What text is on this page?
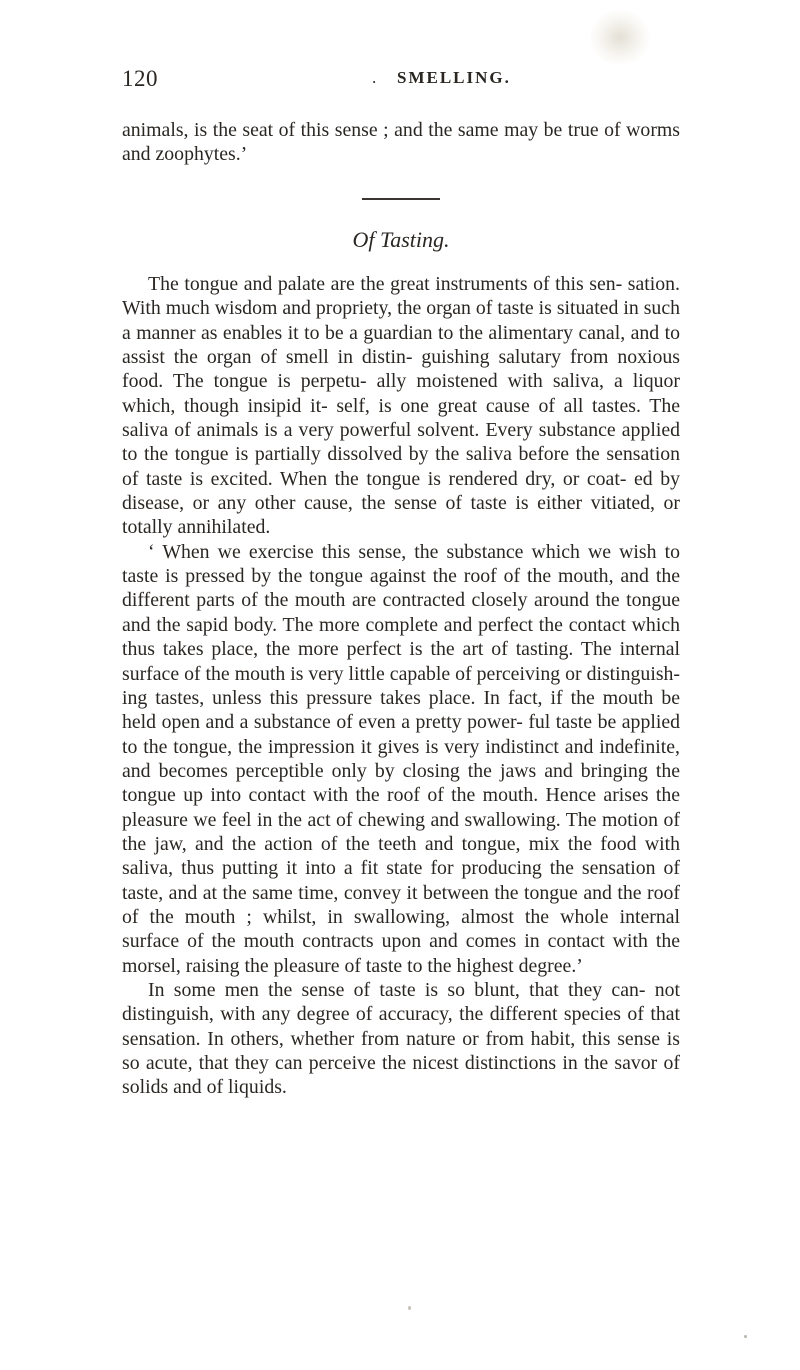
120	. SMELLING.

animals, is the seat of this sense ; and the same may be true of worms and zoophytes.’

Of Tasting.

The tongue and palate are the great instruments of this sen- sation. With much wisdom and propriety, the organ of taste is situated in such a manner as enables it to be a guardian to the alimentary canal, and to assist the organ of smell in distin- guishing salutary from noxious food. The tongue is perpetu- ally moistened with saliva, a liquor which, though insipid it- self, is one great cause of all tastes. The saliva of animals is a very powerful solvent. Every substance applied to the tongue is partially dissolved by the saliva before the sensation of taste is excited. When the tongue is rendered dry, or coat- ed by disease, or any other cause, the sense of taste is either vitiated, or totally annihilated.

‘ When we exercise this sense, the substance which we wish to taste is pressed by the tongue against the roof of the mouth, and the different parts of the mouth are contracted closely around the tongue and the sapid body. The more complete and perfect the contact which thus takes place, the more perfect is the art of tasting. The internal surface of the mouth is very little capable of perceiving or distinguish- ing tastes, unless this pressure takes place. In fact, if the mouth be held open and a substance of even a pretty power- ful taste be applied to the tongue, the impression it gives is very indistinct and indefinite, and becomes perceptible only by closing the jaws and bringing the tongue up into contact with the roof of the mouth. Hence arises the pleasure we feel in the act of chewing and swallowing. The motion of the jaw, and the action of the teeth and tongue, mix the food with saliva, thus putting it into a fit state for producing the sensation of taste, and at the same time, convey it between the tongue and the roof of the mouth ; whilst, in swallowing, almost the whole internal surface of the mouth contracts upon and comes in contact with the morsel, raising the pleasure of taste to the highest degree.’

In some men the sense of taste is so blunt, that they can- not distinguish, with any degree of accuracy, the different species of that sensation. In others, whether from nature or from habit, this sense is so acute, that they can perceive the nicest distinctions in the savor of solids and of liquids.
